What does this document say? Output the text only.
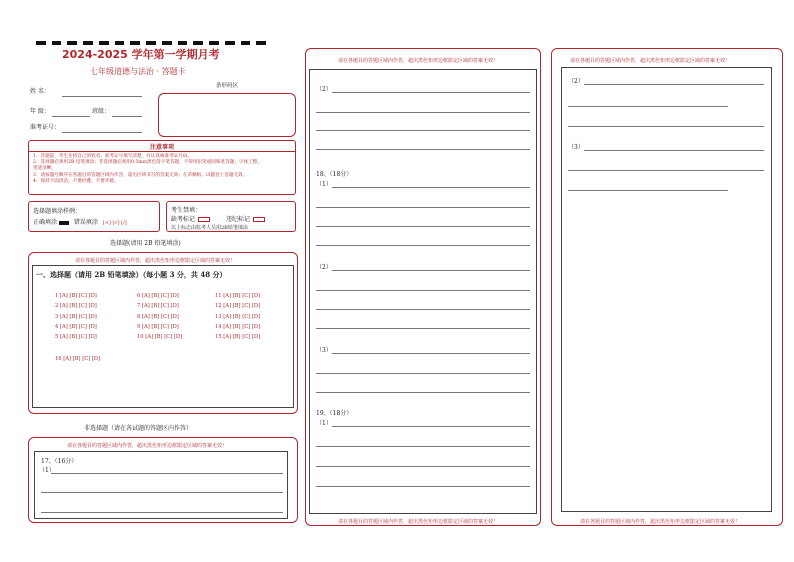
2024-2025 学年第一学期月考
七年级道德与法治 · 答题卡
条形码区
姓 名：
年 级：	班级：
准考证号：
注意事项
1．答题前，考生先将自己的姓名、准考证号填写清楚，并认真核准考证号码。
2．选择题必须用2B 铅笔填涂；非选择题必须用0.5mm黑色签字笔答题，不得用铅笔或圆珠笔答题；字体工整、
笔迹清晰。
3．请按题号顺序在各题目的答题区域内作答，超出区域书写的答案无效；在草稿纸、试题卷上答题无效。
4．保持卡面清洁，不要折叠、不要弄破。
选择题填涂样例：
正确填涂	错误填涂 [×] [√] [/]
考生禁填：
缺考标记	违纪标记
以上标志由监考人员用2B铅笔填涂
选择题(请用 2B 铅笔填涂)
请在各题目的答题区域内作答，超出黑色矩形边框限定区域的答案无效！
一、选择题（请用 2B 铅笔填涂）（每小题 3 分，共 48 分）
1 [A] [B] [C] [D]
2 [A] [B] [C] [D]
3 [A] [B] [C] [D]
4 [A] [B] [C] [D]
5 [A] [B] [C] [D]
6 [A] [B] [C] [D]
7 [A] [B] [C] [D]
8 [A] [B] [C] [D]
9 [A] [B] [C] [D]
10 [A] [B] [C] [D]
11 [A] [B] [C] [D]
12 [A] [B] [C] [D]
13 [A] [B] [C] [D]
14 [A] [B] [C] [D]
15 [A] [B] [C] [D]
16 [A] [B] [C] [D]
非选择题（请在各试题的答题区内作答）
请在各题目的答题区域内作答，超出黑色矩形边框限定区域的答案无效！
17、（16分）
（1）
请在各题目的答题区域内作答，超出黑色矩形边框限定区域的答案无效！
请在各题目的答题区域内作答，超出黑色矩形边框限定区域的答案无效！
（2）
18、（18分）
（1）
（2）
（3）
19、（18分）
（1）
请在各题目的答题区域内作答，超出黑色矩形边框限定区域的答案无效！
请在各题目的答题区域内作答，超出黑色矩形边框限定区域的答案无效！
（2）
（3）
